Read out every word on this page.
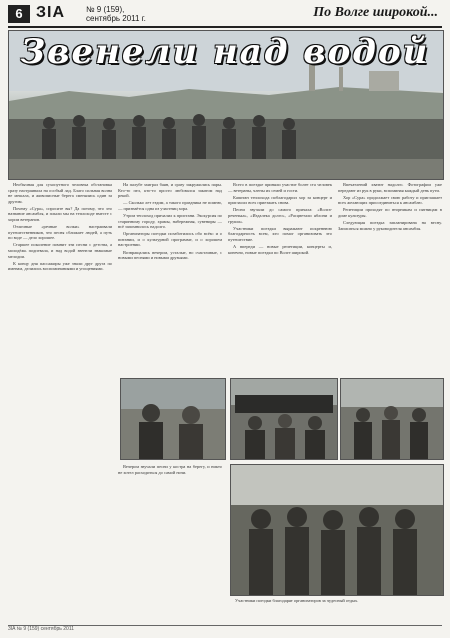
6 ЗIА	№ 9 (159),
сентябрь 2011 г.	По Волге широкой...
Звенели над водой

Необычная для сухопутного человека обстановка сразу настраивала на особый лад. Благо сильная волна не мешала, и живописные берега сменялись один за другим.

Почему «Сура», спросите вы? Да потому, что это название ансамбля, и плыли мы на теплоходе вместе с хором ветеранов.

Отличные «речные волки» настраивали путешественников, что песня сближает людей, а путь по воде — дело хорошее.

Старшее поколение помнит эти песни с детства, а молодёжь подпевала, и над водой звенели знакомые мелодии.

К концу дня пассажиры уже знали друг друга по именам, делились воспоминаниями и угощениями.

На палубе заиграл баян, и сразу закружились пары. Кто-то пел, кто-то просто любовался закатом над рекой.

— Сколько лет ездим, а такого праздника не помню, — признаётся одна из участниц хора.

Утром теплоход причалил к пристани. Экскурсия по старинному городу, храмы, набережная, сувениры — всё запомнилось надолго.

Организаторы поездки позаботились обо всём: и о питании, и о культурной программе, и о хорошем настроении.

Возвращались вечером, усталые, но счастливые, с новыми песнями и новыми друзьями.

Всего в поездке приняли участие более ста человек — ветераны, члены их семей и гости.

Капитан теплохода поблагодарил хор за концерт и пригласил всех приезжать снова.

Песни звучали до самого причала: «Волга-реченька», «Издалека долго», «Расцветали яблони и груши».

Участники поездки выражают искреннюю благодарность всем, кто помог организовать это путешествие.

А впереди — новые репетиции, концерты и, конечно, новые поездки по Волге широкой.

Впечатлений хватит надолго. Фотографии уже передают из рук в руки, вспоминая каждый день пути.

Хор «Сура» продолжает свою работу и приглашает всех желающих присоединиться к ансамблю.

Репетиции проходят по вторникам и пятницам в доме культуры.

Следующая поездка запланирована на весну. Записаться можно у руководителя ансамбля.

Вечером звучали песни у костра на берегу, и никто не хотел расходиться до самой ночи.

Участники поездки благодарят организаторов за чудесный отдых.

3IA № 9 (159) сентябрь 2011
